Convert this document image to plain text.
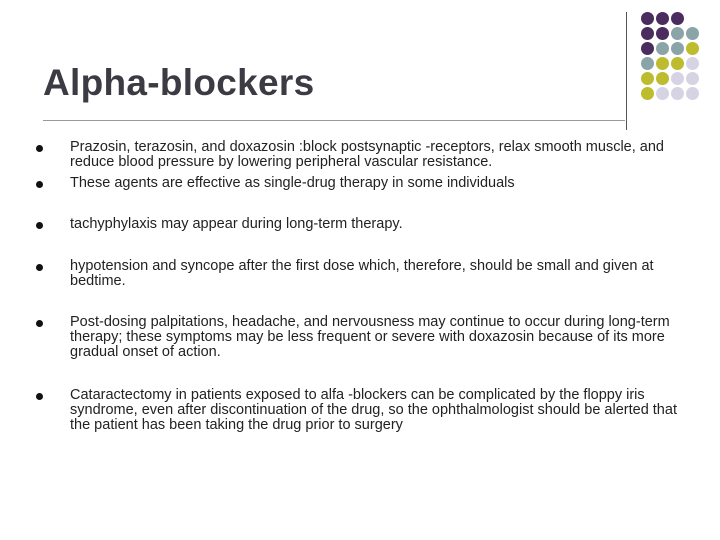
Alpha-blockers
Prazosin, terazosin, and doxazosin :block postsynaptic -receptors, relax smooth muscle, and reduce blood pressure by lowering peripheral vascular resistance.
These agents are effective as single-drug therapy in some individuals
tachyphylaxis may appear during long-term therapy.
hypotension and syncope after the first dose which, therefore, should be small and given at bedtime.
Post-dosing palpitations, headache, and nervousness may continue to occur during long-term therapy; these symptoms may be less frequent or severe with doxazosin because of its more gradual onset of action.
Cataractectomy in patients exposed to alfa -blockers can be complicated by the floppy iris syndrome, even after discontinuation of the drug, so the ophthalmologist should be alerted that the patient has been taking the drug prior to surgery
